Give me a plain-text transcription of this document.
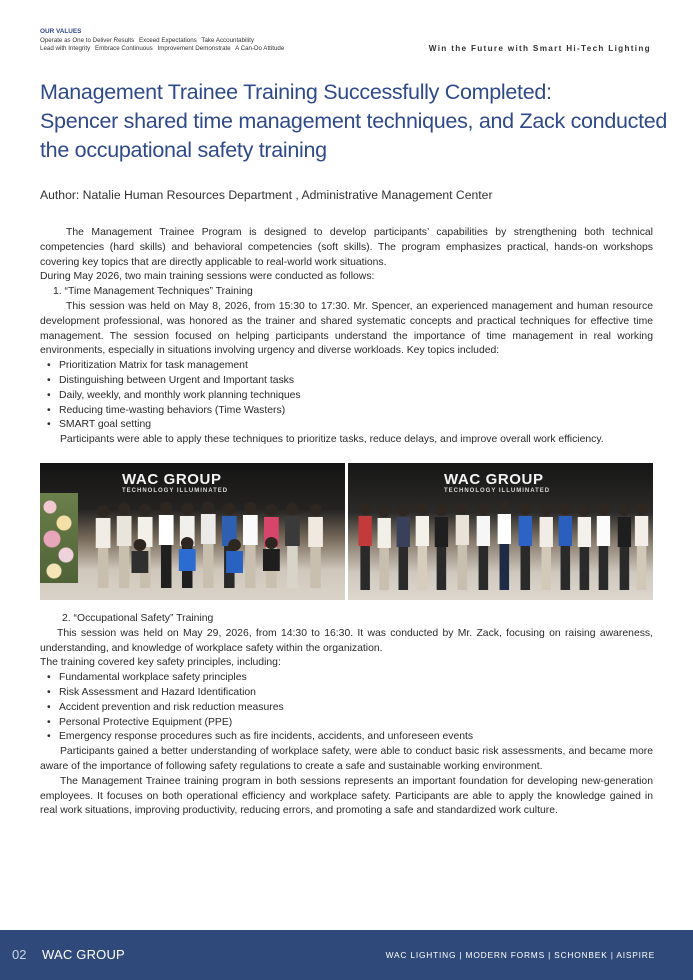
OUR VALUES
Operate as One to Deliver Results Exceed Expectations Take Accountability
Lead with Integrity Embrace Continuous Improvement Demonstrate A Can-Do Attitude	Win the Future with Smart Hi-Tech Lighting
Management Trainee Training Successfully Completed:
Spencer shared time management techniques, and Zack conducted
the occupational safety training
Author: Natalie Human Resources Department , Administrative Management Center

The Management Trainee Program is designed to develop participants’ capabilities by strengthening both technical competencies (hard skills) and behavioral competencies (soft skills). The program emphasizes practical, hands-on workshops covering key topics that are directly applicable to real-world work situations.

During May 2026, two main training sessions were conducted as follows:

1. “Time Management Techniques” Training

This session was held on May 8, 2026, from 15:30 to 17:30. Mr. Spencer, an experienced management and human resource development professional, was honored as the trainer and shared systematic concepts and practical techniques for effective time management. The session focused on helping participants understand the importance of time management in real working environments, especially in situations involving urgency and diverse workloads. Key topics included:

• Prioritization Matrix for task management
• Distinguishing between Urgent and Important tasks
• Daily, weekly, and monthly work planning techniques
• Reducing time-wasting behaviors (Time Wasters)
• SMART goal setting

Participants were able to apply these techniques to prioritize tasks, reduce delays, and improve overall work efficiency.

WAC GROUP
TECHNOLOGY ILLUMINATED
WAC GROUP
TECHNOLOGY ILLUMINATED

2. “Occupational Safety” Training

This session was held on May 29, 2026, from 14:30 to 16:30. It was conducted by Mr. Zack, focusing on raising awareness, understanding, and knowledge of workplace safety within the organization.

The training covered key safety principles, including:

• Fundamental workplace safety principles
• Risk Assessment and Hazard Identification
• Accident prevention and risk reduction measures
• Personal Protective Equipment (PPE)
• Emergency response procedures such as fire incidents, accidents, and unforeseen events

Participants gained a better understanding of workplace safety, were able to conduct basic risk assessments, and became more aware of the importance of following safety regulations to create a safe and sustainable working environment.

The Management Trainee training program in both sessions represents an important foundation for developing new-generation employees. It focuses on both operational efficiency and workplace safety. Participants are able to apply the knowledge gained in real work situations, improving productivity, reducing errors, and promoting a safe and standardized work culture.

02 WAC GROUP	WAC LIGHTING | MODERN FORMS | SCHONBEK | AISPIRE
